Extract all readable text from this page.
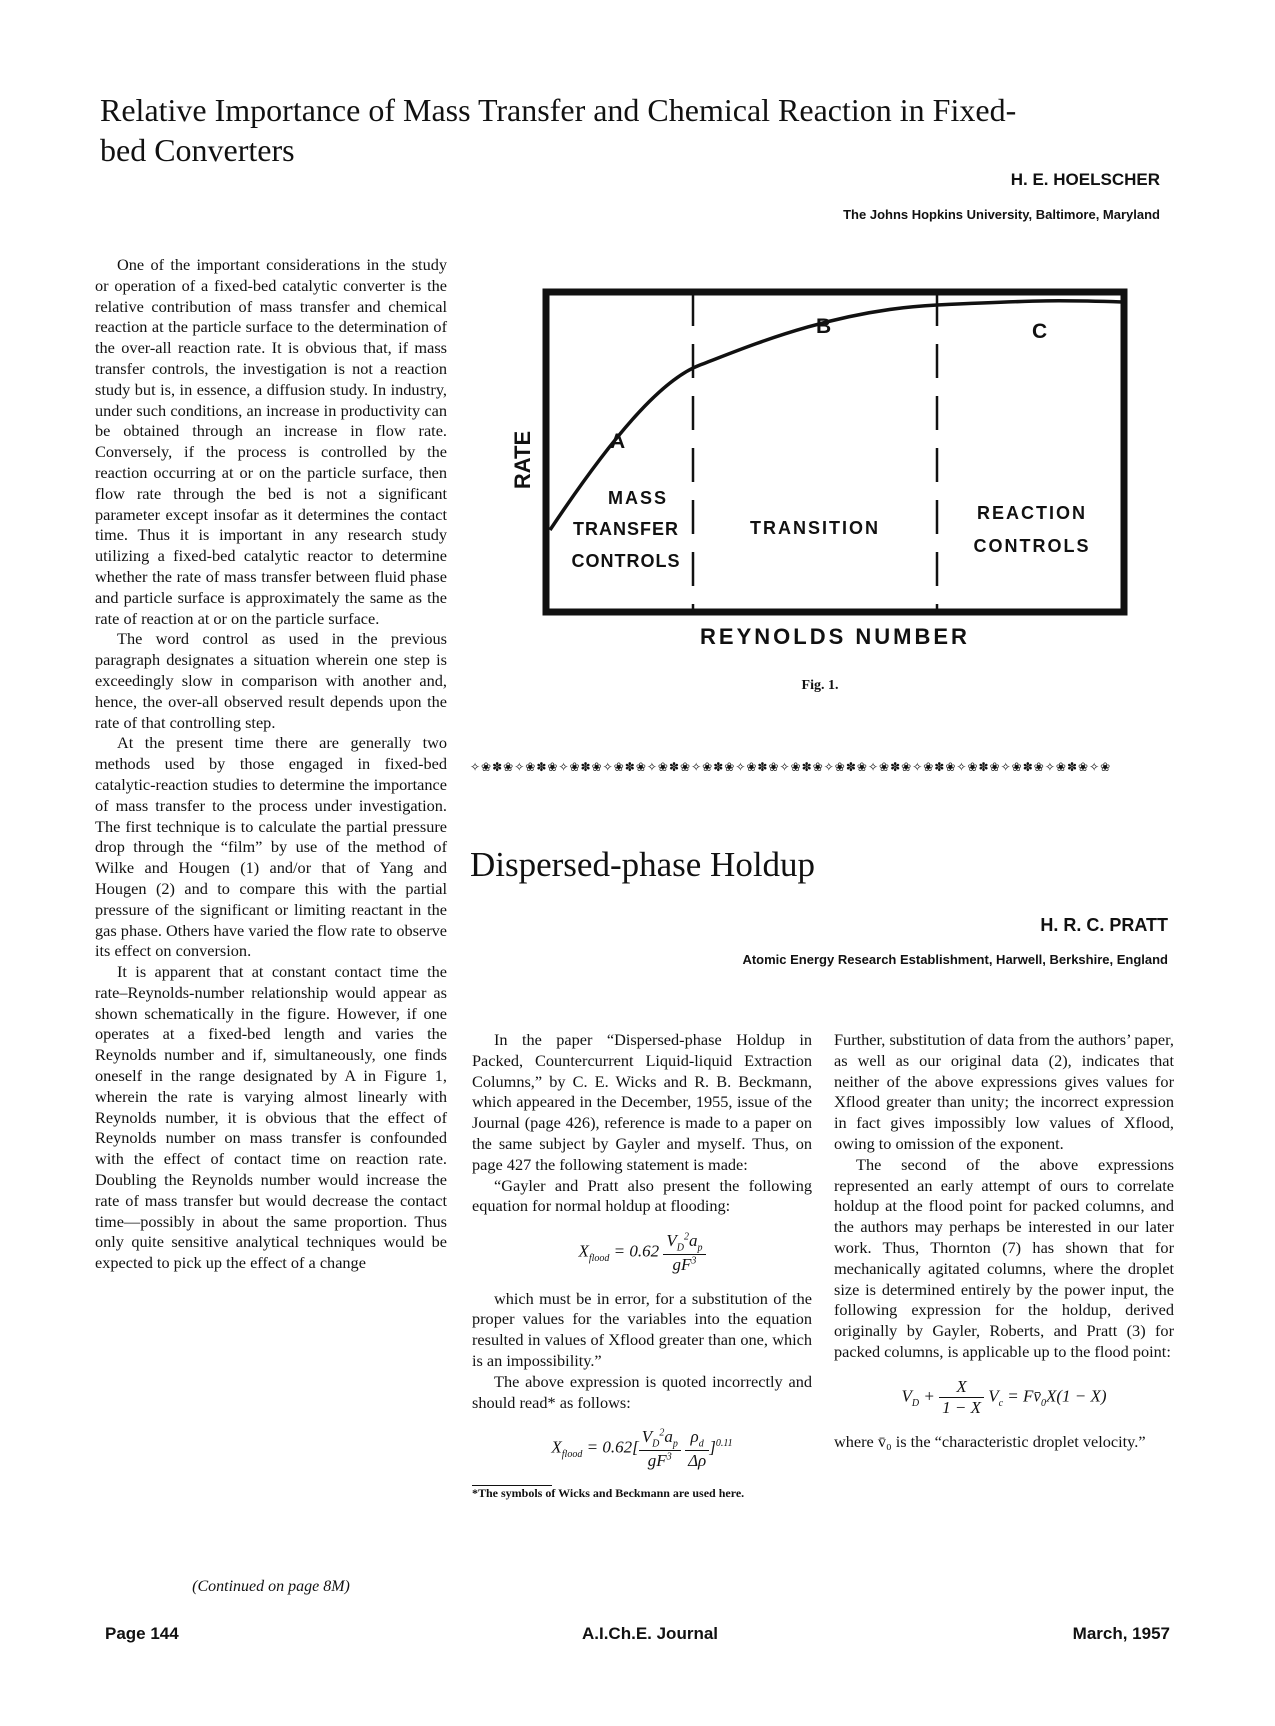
Relative Importance of Mass Transfer and Chemical Reaction in Fixed-bed Converters
H. E. HOELSCHER
The Johns Hopkins University, Baltimore, Maryland

One of the important considerations in the study or operation of a fixed-bed catalytic converter is the relative contribution of mass transfer and chemical reaction at the particle surface to the determination of the over-all reaction rate. It is obvious that, if mass transfer controls, the investigation is not a reaction study but is, in essence, a diffusion study. In industry, under such conditions, an increase in productivity can be obtained through an increase in flow rate. Conversely, if the process is controlled by the reaction occurring at or on the particle surface, then flow rate through the bed is not a significant parameter except insofar as it determines the contact time. Thus it is important in any research study utilizing a fixed-bed catalytic reactor to determine whether the rate of mass transfer between fluid phase and particle surface is approximately the same as the rate of reaction at or on the particle surface.

The word control as used in the previous paragraph designates a situation wherein one step is exceedingly slow in comparison with another and, hence, the over-all observed result depends upon the rate of that controlling step.

At the present time there are generally two methods used by those engaged in fixed-bed catalytic-reaction studies to determine the importance of mass transfer to the process under investigation. The first technique is to calculate the partial pressure drop through the “film” by use of the method of Wilke and Hougen (1) and/or that of Yang and Hougen (2) and to compare this with the partial pressure of the significant or limiting reactant in the gas phase. Others have varied the flow rate to observe its effect on conversion.

It is apparent that at constant contact time the rate–Reynolds-number relationship would appear as shown schematically in the figure. However, if one operates at a fixed-bed length and varies the Reynolds number and if, simultaneously, one finds oneself in the range designated by A in Figure 1, wherein the rate is varying almost linearly with Reynolds number, it is obvious that the effect of Reynolds number on mass transfer is confounded with the effect of contact time on reaction rate. Doubling the Reynolds number would increase the rate of mass transfer but would decrease the contact time—possibly in about the same proportion. Thus only quite sensitive analytical techniques would be expected to pick up the effect of a change

(Continued on page 8M)
RATE	A
B	C
MASS
TRANSFER
CONTROLS
TRANSITION
REACTION
CONTROLS
REYNOLDS NUMBER
Fig. 1.
✧❀✽❀✧❀✽❀✧❀✽❀✧❀✽❀✧❀✽❀✧❀✽❀✧❀✽❀✧❀✽❀✧❀✽❀✧❀✽❀✧❀✽❀✧❀✽❀✧❀✽❀✧❀✽❀✧❀
Dispersed-phase Holdup
H. R. C. PRATT
Atomic Energy Research Establishment, Harwell, Berkshire, England

In the paper “Dispersed-phase Holdup in Packed, Countercurrent Liquid-liquid Extraction Columns,” by C. E. Wicks and R. B. Beckmann, which appeared in the December, 1955, issue of the Journal (page 426), reference is made to a paper on the same subject by Gayler and myself. Thus, on page 427 the following statement is made:

“Gayler and Pratt also present the following equation for normal holdup at flooding:

$X_{flood} = 0.62 \frac{V_D^2a_p}{gF^3}$

which must be in error, for a substitution of the proper values for the variables into the equation resulted in values of Xflood greater than one, which is an impossibility.”

The above expression is quoted incorrectly and should read* as follows:

$X_{flood} = 0.62[ \frac{V_D^2a_p}{gF^3}$
$\frac{\rho_d}{\Delta\rho} ]^{0.11}$
*The symbols of Wicks and Beckmann are used here.

Further, substitution of data from the authors’ paper, as well as our original data (2), indicates that neither of the above expressions gives values for Xflood greater than unity; the incorrect expression in fact gives impossibly low values of Xflood, owing to omission of the exponent.

The second of the above expressions represented an early attempt of ours to correlate holdup at the flood point for packed columns, and the authors may perhaps be interested in our later work. Thus, Thornton (7) has shown that for mechanically agitated columns, where the droplet size is determined entirely by the power input, the following expression for the holdup, derived originally by Gayler, Roberts, and Pratt (3) for packed columns, is applicable up to the flood point:

$V_D + \frac{X}{1 - X} V_c$ = $Fv̄_0X(1 - X)$

where v̄₀ is the “characteristic droplet velocity.”

Page 144	A.I.Ch.E. Journal	March, 1957
